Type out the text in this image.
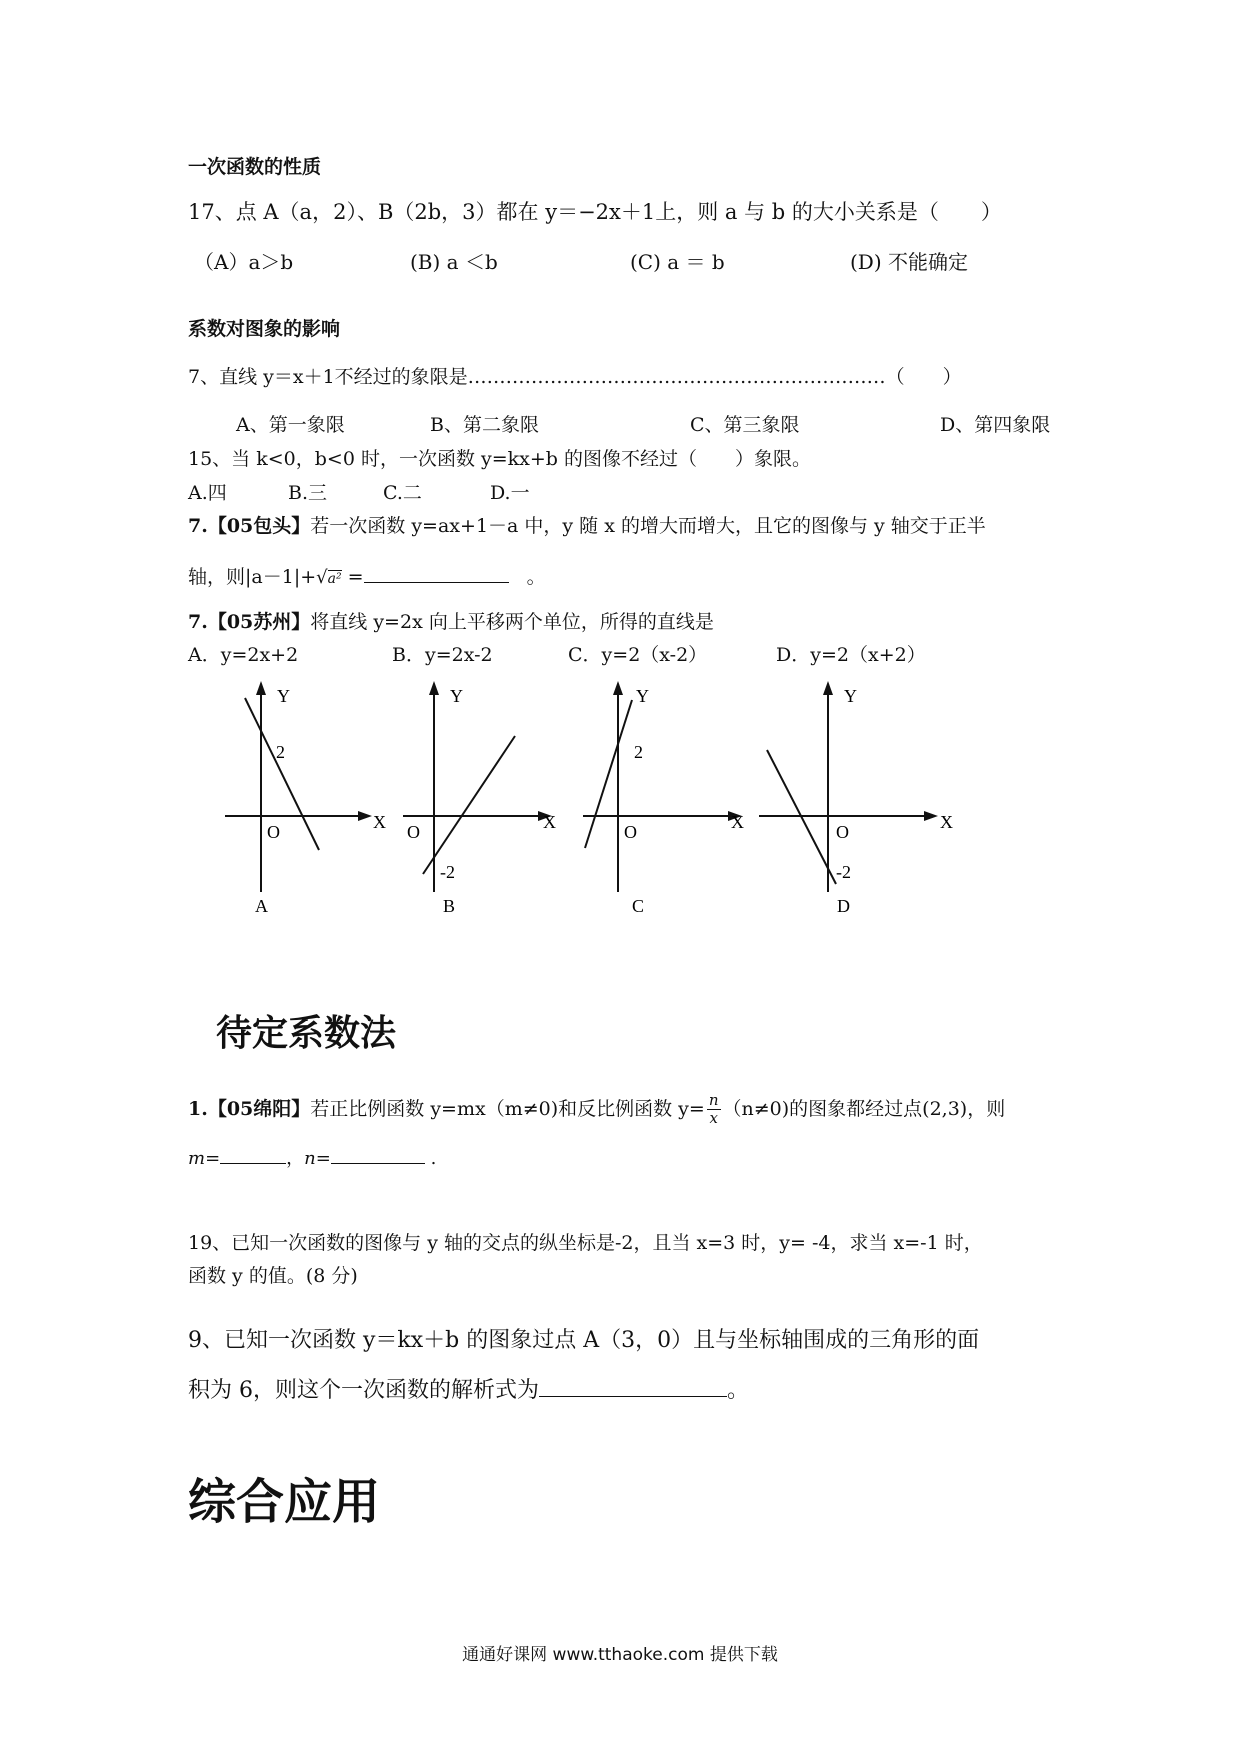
一次函数的性质
17、点 A（a，2）、B（2b，3）都在 y＝−2x＋1上，则 a 与 b 的大小关系是（　　）
（A）a＞b	(B) a ＜b	(C) a ＝ b	(D) 不能确定
系数对图象的影响
7、直线 y＝x＋1不经过的象限是…………………………………………………………（　　）
A、第一象限	B、第二象限	C、第三象限	D、第四象限
15、当 k<0，b<0 时，一次函数 y=kx+b 的图像不经过（　　）象限。
A.四	B.三	C.二	D.一
7.【05包头】若一次函数 y=ax+1－a 中，y 随 x 的增大而增大，且它的图像与 y 轴交于正半
轴，则|a－1|+√a² =	。
7.【05苏州】将直线 y=2x 向上平移两个单位，所得的直线是
A．y=2x+2	B．y=2x-2	C．y=2（x-2）	D．y=2（x+2）
Y
2
O	X
A
Y
O
-2
X
B
Y
2
O	X
C
Y
O
-2
X
D
待定系数法
1.【05绵阳】若正比例函数 y=mx（m≠0)和反比例函数 $y= \frac{n}{x} (n\ne 0)$的图象都经过点(2,3)，则
m=	，n=	.
19、已知一次函数的图像与 y 轴的交点的纵坐标是-2，且当 x=3 时，y= -4，求当 x=-1 时，
函数 y 的值。(8 分)
9、已知一次函数 y＝kx＋b 的图象过点 A（3，0）且与坐标轴围成的三角形的面
积为 6，则这个一次函数的解析式为	。
综合应用
通通好课网 www.tthaoke.com 提供下载
